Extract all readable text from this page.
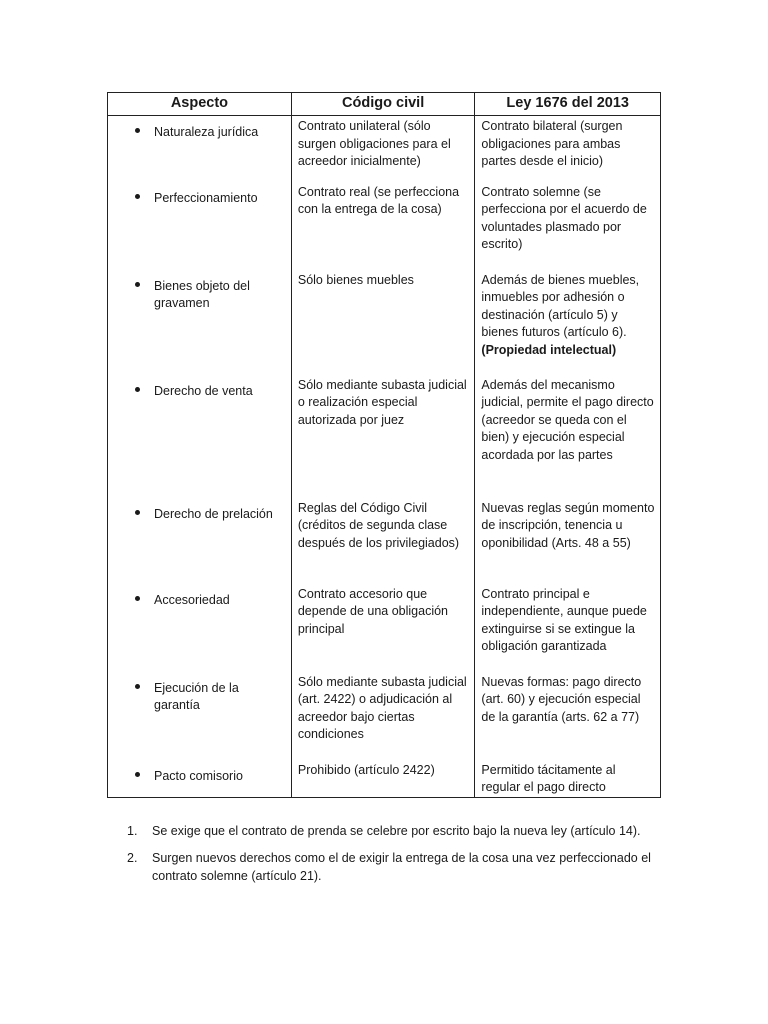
Aspecto	Código civil	Ley 1676 del 2013

Naturaleza jurídica	Contrato unilateral (sólo surgen obligaciones para el acreedor inicialmente)	Contrato bilateral (surgen obligaciones para ambas partes desde el inicio)

Perfeccionamiento	Contrato real (se perfecciona con la entrega de la cosa)	Contrato solemne (se perfecciona por el acuerdo de voluntades plasmado por escrito)

Bienes objeto del gravamen	Sólo bienes muebles	Además de bienes muebles, inmuebles por adhesión o destinación (artículo 5) y bienes futuros (artículo 6).
(Propiedad intelectual)

Derecho de venta	Sólo mediante subasta judicial o realización especial autorizada por juez	Además del mecanismo judicial, permite el pago directo (acreedor se queda con el bien) y ejecución especial acordada por las partes

Derecho de prelación	Reglas del Código Civil (créditos de segunda clase después de los privilegiados)	Nuevas reglas según momento de inscripción, tenencia u oponibilidad (Arts. 48 a 55)

Accesoriedad	Contrato accesorio que depende de una obligación principal	Contrato principal e independiente, aunque puede extinguirse si se extingue la obligación garantizada

Ejecución de la garantía	Sólo mediante subasta judicial (art. 2422) o adjudicación al acreedor bajo ciertas condiciones	Nuevas formas: pago directo (art. 60) y ejecución especial de la garantía (arts. 62 a 77)

Pacto comisorio	Prohibido (artículo 2422)	Permitido tácitamente al regular el pago directo
1. Se exige que el contrato de prenda se celebre por escrito bajo la nueva ley (artículo 14).
2. Surgen nuevos derechos como el de exigir la entrega de la cosa una vez perfeccionado el contrato solemne (artículo 21).
